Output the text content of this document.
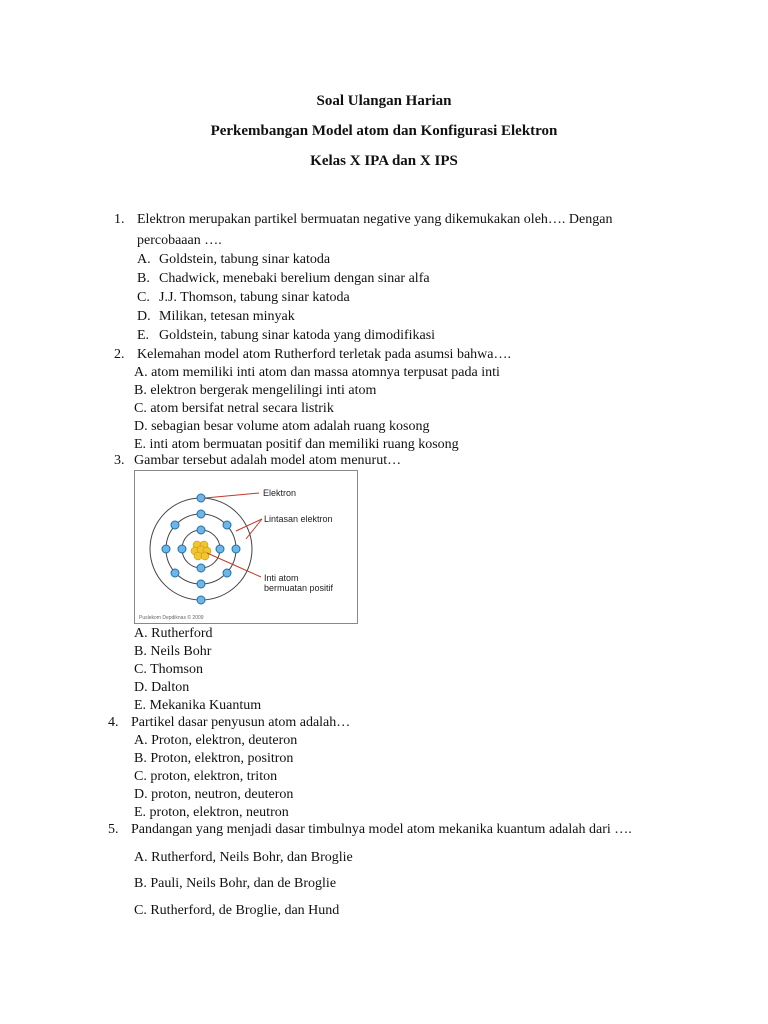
Soal Ulangan Harian
Perkembangan Model atom dan Konfigurasi Elektron
Kelas X IPA dan X IPS
1. Elektron merupakan partikel bermuatan negative yang dikemukakan oleh…. Dengan
percobaaan ….
A. Goldstein, tabung sinar katoda
B. Chadwick, menebaki berelium dengan sinar alfa
C. J.J. Thomson, tabung sinar katoda
D. Milikan, tetesan minyak
E. Goldstein, tabung sinar katoda yang dimodifikasi
2. Kelemahan model atom Rutherford terletak pada asumsi bahwa….
A. atom memiliki inti atom dan massa atomnya terpusat pada inti
B. elektron bergerak mengelilingi inti atom
C. atom bersifat netral secara listrik
D. sebagian besar volume atom adalah ruang kosong
E. inti atom bermuatan positif dan memiliki ruang kosong
3. Gambar tersebut adalah model atom menurut…
Elektron
Lintasan elektron
Inti atom
bermuatan positif
Puslekom Depdiknas © 2009
A. Rutherford
B. Neils Bohr
C. Thomson
D. Dalton
E. Mekanika Kuantum
4. Partikel dasar penyusun atom adalah…
A. Proton, elektron, deuteron
B. Proton, elektron, positron
C. proton, elektron, triton
D. proton, neutron, deuteron
E. proton, elektron, neutron
5. Pandangan yang menjadi dasar timbulnya model atom mekanika kuantum adalah dari ….
A. Rutherford, Neils Bohr, dan Broglie
B. Pauli, Neils Bohr, dan de Broglie
C. Rutherford, de Broglie, dan Hund
